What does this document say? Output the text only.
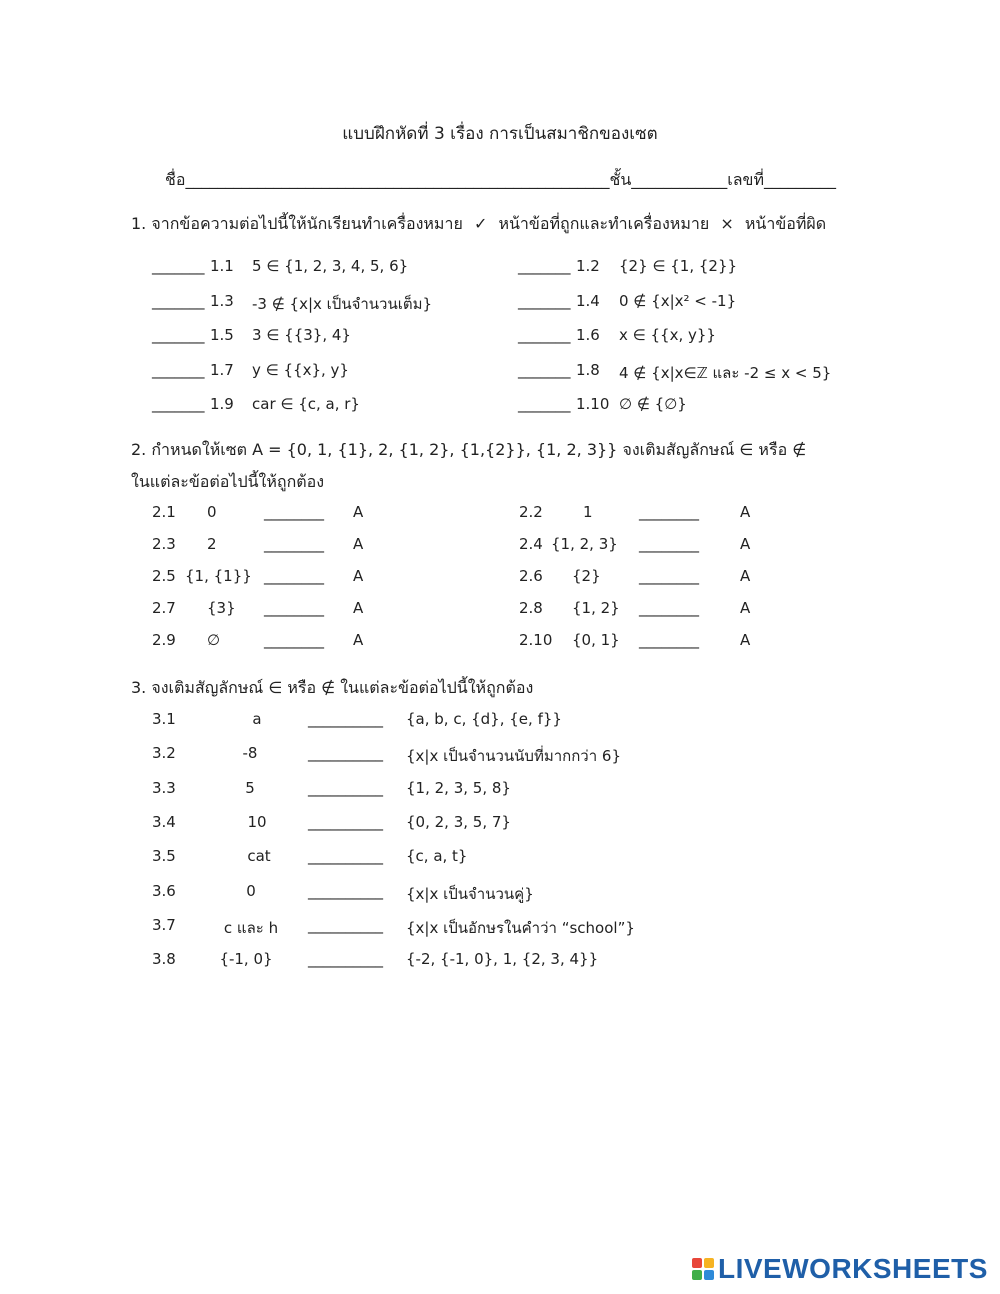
แบบฝึกหัดที่ 3 เรื่อง การเป็นสมาชิกของเซต
ชื่อ_____________________________________________________ชั้น____________เลขที่_________
1. จากข้อความต่อไปนี้ให้นักเรียนทำเครื่องหมาย ✓ หน้าข้อที่ถูกและทำเครื่องหมาย × หน้าข้อที่ผิด
_______ 1.1 5 ∈ {1, 2, 3, 4, 5, 6}	_______ 1.2 {2} ∈ {1, {2}}
_______ 1.3 -3 ∉ {x|x เป็นจำนวนเต็ม}	_______ 1.4 0 ∉ {x|x² < -1}
_______ 1.5 3 ∈ {{3}, 4}	_______ 1.6 x ∈ {{x, y}}
_______ 1.7 y ∈ {{x}, y}	_______ 1.8 4 ∉ {x|x∈ℤ และ -2 ≤ x < 5}
_______ 1.9 car ∈ {c, a, r}	_______ 1.10 ∅ ∉ {∅}
2.1 0	________ A	2.2	1	________	A
2.3 2	________ A	2.4 {1, 2, 3} ________	A
2.5 {1, {1}} ________ A	2.6 {2}	________	A
2.7 {3} ________ A	2.8 {1, 2} ________	A
2.9 ∅	________ A	2.10 {0, 1} ________	A
3.1	a	__________ {a, b, c, {d}, {e, f}}
3.2	-8	__________ {x|x เป็นจำนวนนับที่มากกว่า 6}
3.3	5	__________ {1, 2, 3, 5, 8}
3.4	10	__________ {0, 2, 3, 5, 7}
3.5	cat	__________ {c, a, t}
3.6	0	__________ {x|x เป็นจำนวนคู่}
3.7	c และ h	__________ {x|x เป็นอักษรในคำว่า “school”}
3.8	{-1, 0}	__________ {-2, {-1, 0}, 1, {2, 3, 4}}
2. กำหนดให้เซต A = {0, 1, {1}, 2, {1, 2}, {1,{2}}, {1, 2, 3}} จงเติมสัญลักษณ์ ∈ หรือ ∉
ในแต่ละข้อต่อไปนี้ให้ถูกต้อง
3. จงเติมสัญลักษณ์ ∈ หรือ ∉ ในแต่ละข้อต่อไปนี้ให้ถูกต้อง
LIVEWORKSHEETS
